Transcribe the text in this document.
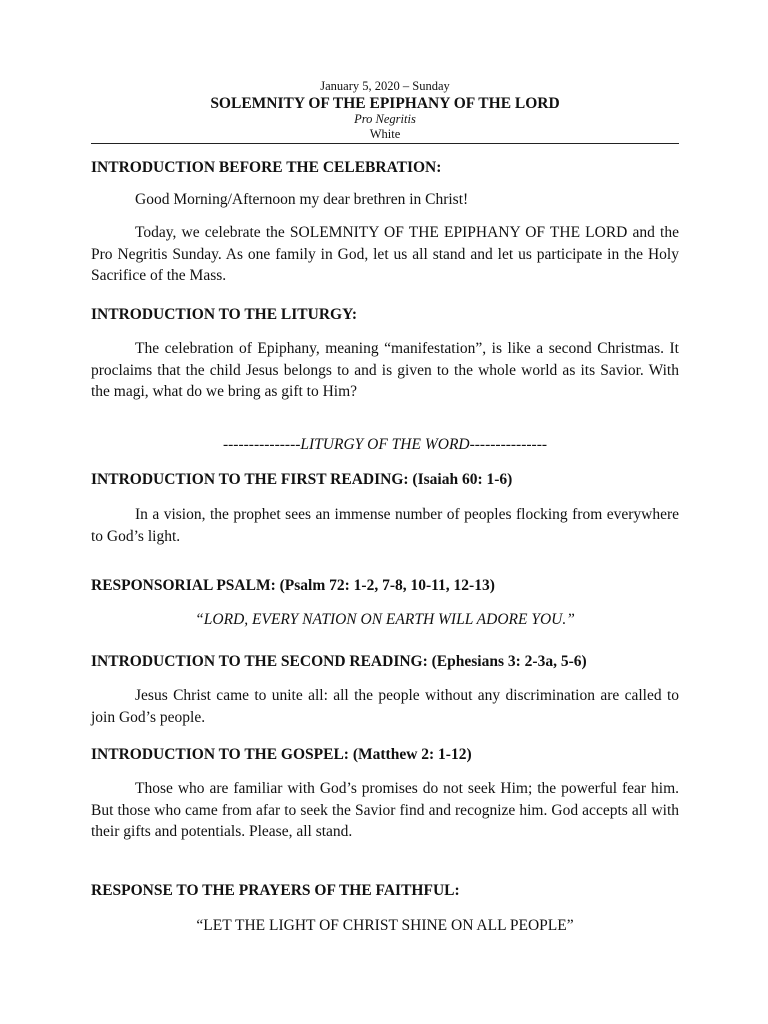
January 5, 2020 – Sunday
SOLEMNITY OF THE EPIPHANY OF THE LORD
Pro Negritis
White
INTRODUCTION BEFORE THE CELEBRATION:
Good Morning/Afternoon my dear brethren in Christ!
Today, we celebrate the SOLEMNITY OF THE EPIPHANY OF THE LORD and the Pro Negritis Sunday. As one family in God, let us all stand and let us participate in the Holy Sacrifice of the Mass.
INTRODUCTION TO THE LITURGY:
The celebration of Epiphany, meaning “manifestation”, is like a second Christmas. It proclaims that the child Jesus belongs to and is given to the whole world as its Savior. With the magi, what do we bring as gift to Him?
---------------LITURGY OF THE WORD---------------
INTRODUCTION TO THE FIRST READING: (Isaiah 60: 1-6)
In a vision, the prophet sees an immense number of peoples flocking from everywhere to God’s light.
RESPONSORIAL PSALM: (Psalm 72: 1-2, 7-8, 10-11, 12-13)
“LORD, EVERY NATION ON EARTH WILL ADORE YOU.”
INTRODUCTION TO THE SECOND READING: (Ephesians 3: 2-3a, 5-6)
Jesus Christ came to unite all: all the people without any discrimination are called to join God’s people.
INTRODUCTION TO THE GOSPEL: (Matthew 2: 1-12)
Those who are familiar with God’s promises do not seek Him; the powerful fear him. But those who came from afar to seek the Savior find and recognize him. God accepts all with their gifts and potentials. Please, all stand.
RESPONSE TO THE PRAYERS OF THE FAITHFUL:
“LET THE LIGHT OF CHRIST SHINE ON ALL PEOPLE”
